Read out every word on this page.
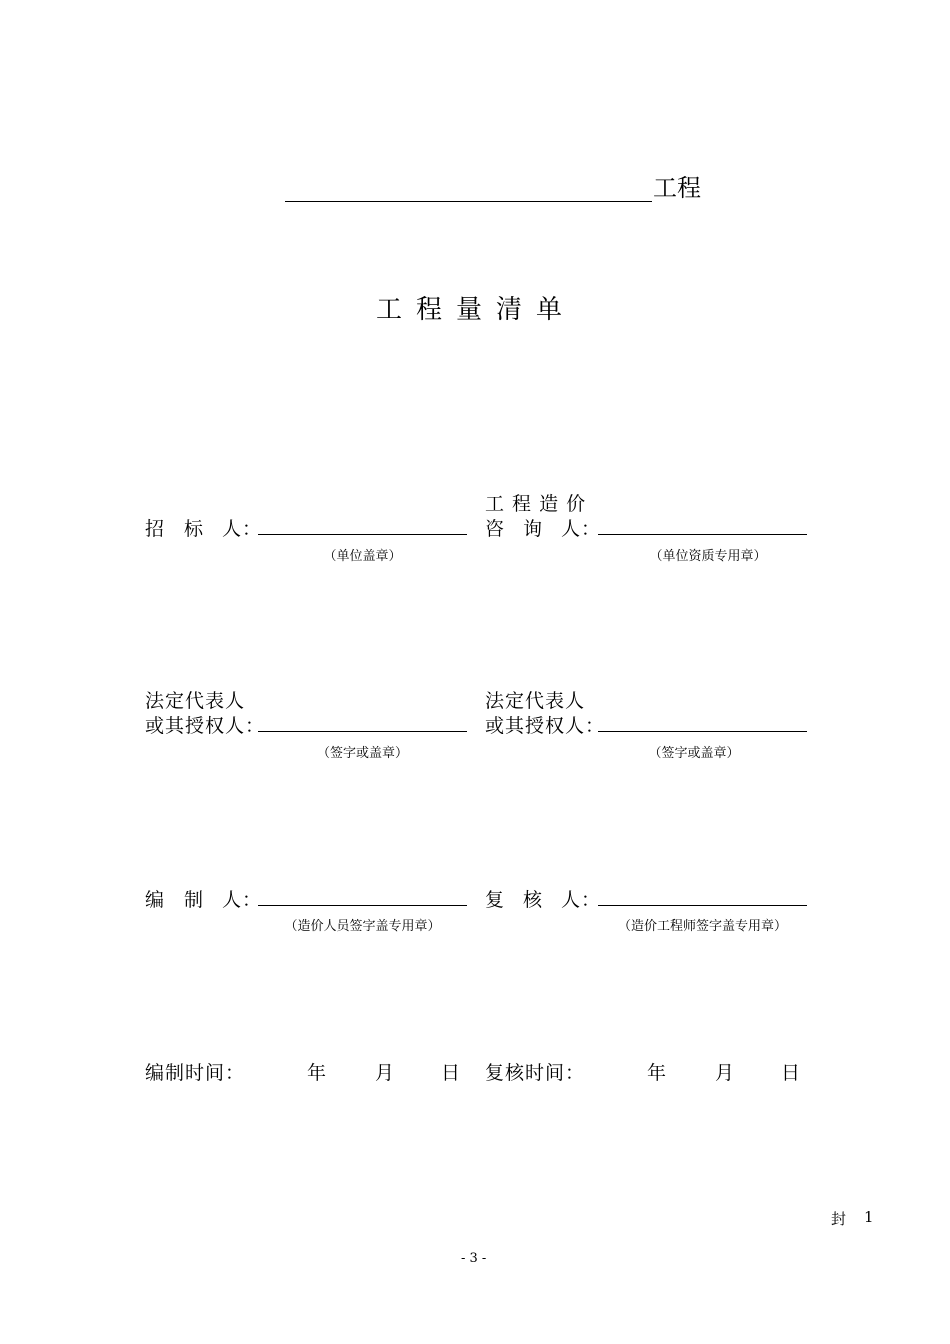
工程
工程量清单
招 标 人：
（单位盖章）
工 程 造 价
咨 询 人：
（单位资质专用章）
法定代表人
或其授权人：
（签字或盖章）
法定代表人
或其授权人：
（签字或盖章）
编 制 人：
（造价人员签字盖专用章）
复 核 人：
（造价工程师签字盖专用章）
编制时间：	年	月 日 复核时间：	年	月 日
封 1
- 3 -
